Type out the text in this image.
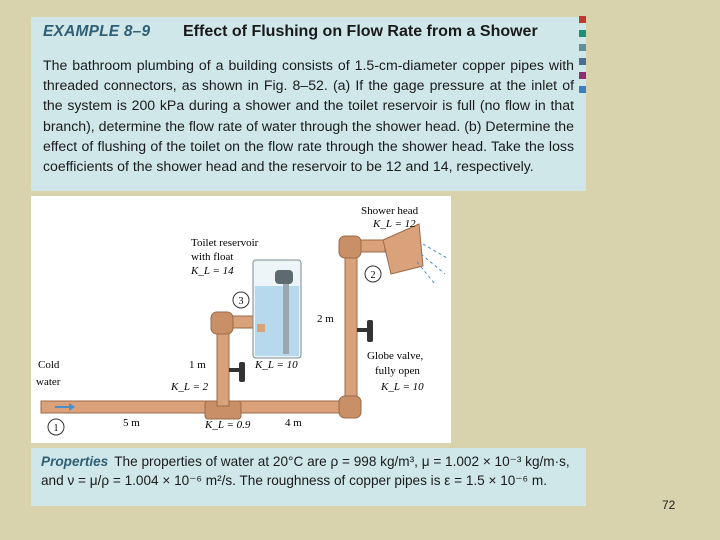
EXAMPLE 8–9	Effect of Flushing on Flow Rate from a Shower
The bathroom plumbing of a building consists of 1.5-cm-diameter copper pipes with threaded connectors, as shown in Fig. 8–52. (a) If the gage pressure at the inlet of the system is 200 kPa during a shower and the toilet reservoir is full (no flow in that branch), determine the flow rate of water through the shower head. (b) Determine the effect of flushing of the toilet on the flow rate through the shower head. Take the loss coefficients of the shower head and the reservoir to be 12 and 14, respectively.
1
2
3
Shower head
K_L = 12
Toilet reservoir
with float
K_L = 14
2 m
1 m
K_L = 2
K_L = 10
Cold
water
5 m	K_L = 0.9	4 m
Globe valve,
fully open
K_L = 10
Properties The properties of water at 20°C are ρ = 998 kg/m³, μ = 1.002 × 10⁻³ kg/m·s, and ν = μ/ρ = 1.004 × 10⁻⁶ m²/s. The roughness of copper pipes is ε = 1.5 × 10⁻⁶ m.
72
